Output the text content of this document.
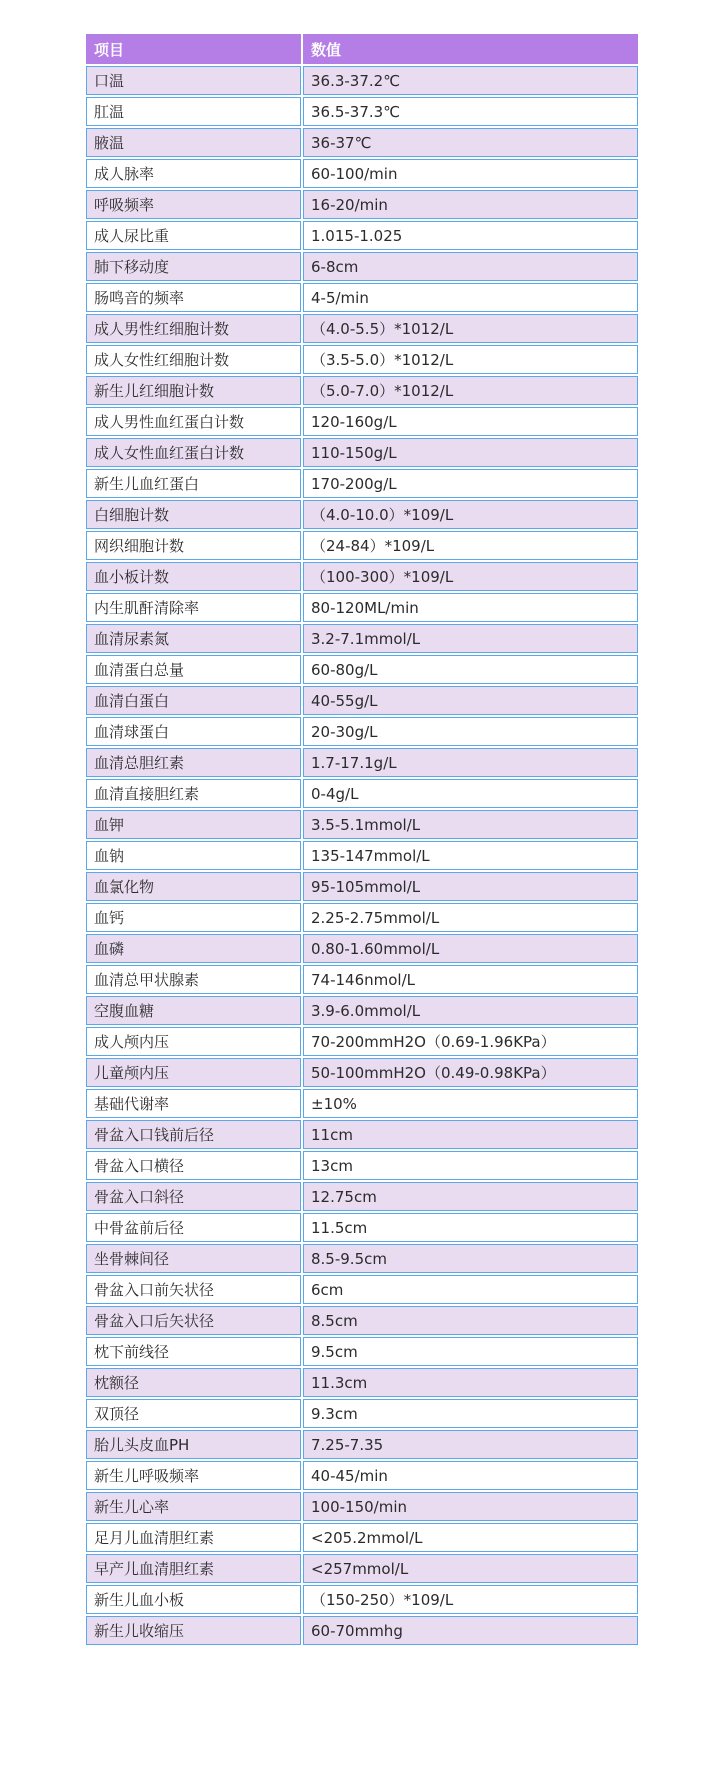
项目	数值
口温	36.3-37.2℃
肛温	36.5-37.3℃
腋温	36-37℃
成人脉率	60-100/min
呼吸频率	16-20/min
成人尿比重	1.015-1.025
肺下移动度	6-8cm
肠鸣音的频率	4-5/min
成人男性红细胞计数	（4.0-5.5）*1012/L
成人女性红细胞计数	（3.5-5.0）*1012/L
新生儿红细胞计数	（5.0-7.0）*1012/L
成人男性血红蛋白计数	120-160g/L
成人女性血红蛋白计数	110-150g/L
新生儿血红蛋白	170-200g/L
白细胞计数	（4.0-10.0）*109/L
网织细胞计数	（24-84）*109/L
血小板计数	（100-300）*109/L
内生肌酐清除率	80-120ML/min
血清尿素氮	3.2-7.1mmol/L
血清蛋白总量	60-80g/L
血清白蛋白	40-55g/L
血清球蛋白	20-30g/L
血清总胆红素	1.7-17.1g/L
血清直接胆红素	0-4g/L
血钾	3.5-5.1mmol/L
血钠	135-147mmol/L
血氯化物	95-105mmol/L
血钙	2.25-2.75mmol/L
血磷	0.80-1.60mmol/L
血清总甲状腺素	74-146nmol/L
空腹血糖	3.9-6.0mmol/L
成人颅内压	70-200mmH2O（0.69-1.96KPa）
儿童颅内压	50-100mmH2O（0.49-0.98KPa）
基础代谢率	±10%
骨盆入口钱前后径	11cm
骨盆入口横径	13cm
骨盆入口斜径	12.75cm
中骨盆前后径	11.5cm
坐骨棘间径	8.5-9.5cm
骨盆入口前矢状径	6cm
骨盆入口后矢状径	8.5cm
枕下前线径	9.5cm
枕额径	11.3cm
双顶径	9.3cm
胎儿头皮血PH	7.25-7.35
新生儿呼吸频率	40-45/min
新生儿心率	100-150/min
足月儿血清胆红素	<205.2mmol/L
早产儿血清胆红素	<257mmol/L
新生儿血小板	（150-250）*109/L
新生儿收缩压	60-70mmhg
